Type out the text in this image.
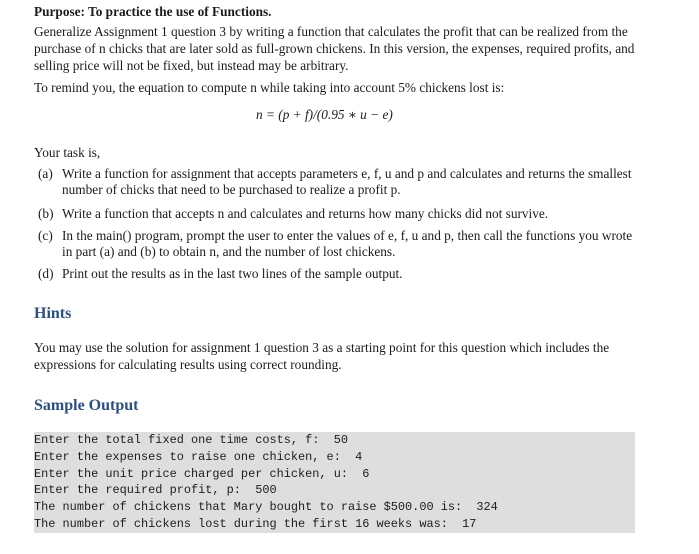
Purpose: To practice the use of Functions.

Generalize Assignment 1 question 3 by writing a function that calculates the profit that can be realized from the purchase of n chicks that are later sold as full-grown chickens. In this version, the expenses, required profits, and selling price will not be fixed, but instead may be arbitrary.

To remind you, the equation to compute n while taking into account 5% chickens lost is:

n = (p + f)/(0.95 ∗ u − e)

Your task is,

(a) Write a function for assignment that accepts parameters e, f, u and p and calculates and returns the smallest number of chicks that need to be purchased to realize a profit p.
(b) Write a function that accepts n and calculates and returns how many chicks did not survive.
(c) In the main() program, prompt the user to enter the values of e, f, u and p, then call the functions you wrote in part (a) and (b) to obtain n, and the number of lost chickens.
(d) Print out the results as in the last two lines of the sample output.
Hints

You may use the solution for assignment 1 question 3 as a starting point for this question which includes the expressions for calculating results using correct rounding.

Sample Output
Enter the total fixed one time costs, f:  50
Enter the expenses to raise one chicken, e:  4
Enter the unit price charged per chicken, u:  6
Enter the required profit, p:  500
The number of chickens that Mary bought to raise $500.00 is:  324
The number of chickens lost during the first 16 weeks was:  17
